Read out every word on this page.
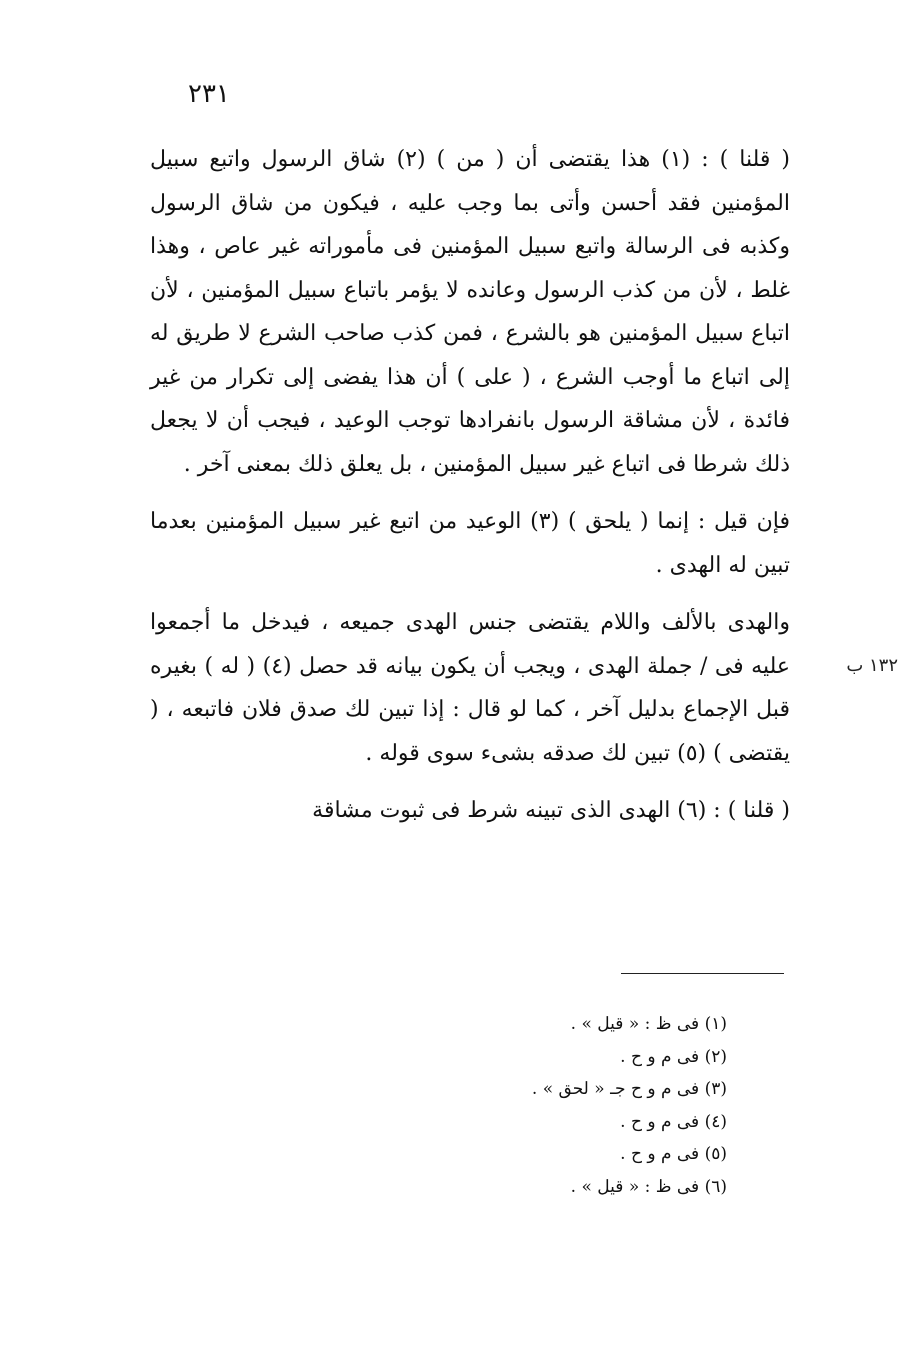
٢٣١

( قلنا ) : (١) هذا يقتضى أن ( من ) (٢) شاق الرسول واتبع سبيل المؤمنين فقد أحسن وأتى بما وجب عليه ، فيكون من شاق الرسول وكذبه فى الرسالة واتبع سبيل المؤمنين فى مأموراته غير عاص ، وهذا غلط ، لأن من كذب الرسول وعانده لا يؤمر باتباع سبيل المؤمنين ، لأن اتباع سبيل المؤمنين هو بالشرع ، فمن كذب صاحب الشرع لا طريق له إلى اتباع ما أوجب الشرع ، ( على ) أن هذا يفضى إلى تكرار من غير فائدة ، لأن مشاقة الرسول بانفرادها توجب الوعيد ، فيجب أن لا يجعل ذلك شرطا فى اتباع غير سبيل المؤمنين ، بل يعلق ذلك بمعنى آخر .

فإن قيل : إنما ( يلحق ) (٣) الوعيد من اتبع غير سبيل المؤمنين بعدما تبين له الهدى .

والهدى بالألف واللام يقتضى جنس الهدى جميعه ، فيدخل ما أجمعوا عليه فى / جملة الهدى ، ويجب أن يكون بيانه قد حصل (٤) ( له ) بغيره قبل الإجماع بدليل آخر ، كما لو قال : إذا تبين لك صدق فلان فاتبعه ، ( يقتضى ) (٥) تبين لك صدقه بشىء سوى قوله .
١٣٢ ب

( قلنا ) : (٦) الهدى الذى تبينه شرط فى ثبوت مشاقة

(١) فى ظ : « قيل » .

(٢) فى م و ح .

(٣) فى م و ح جـ « لحق » .

(٤) فى م و ح .

(٥) فى م و ح .

(٦) فى ظ : « قيل » .
